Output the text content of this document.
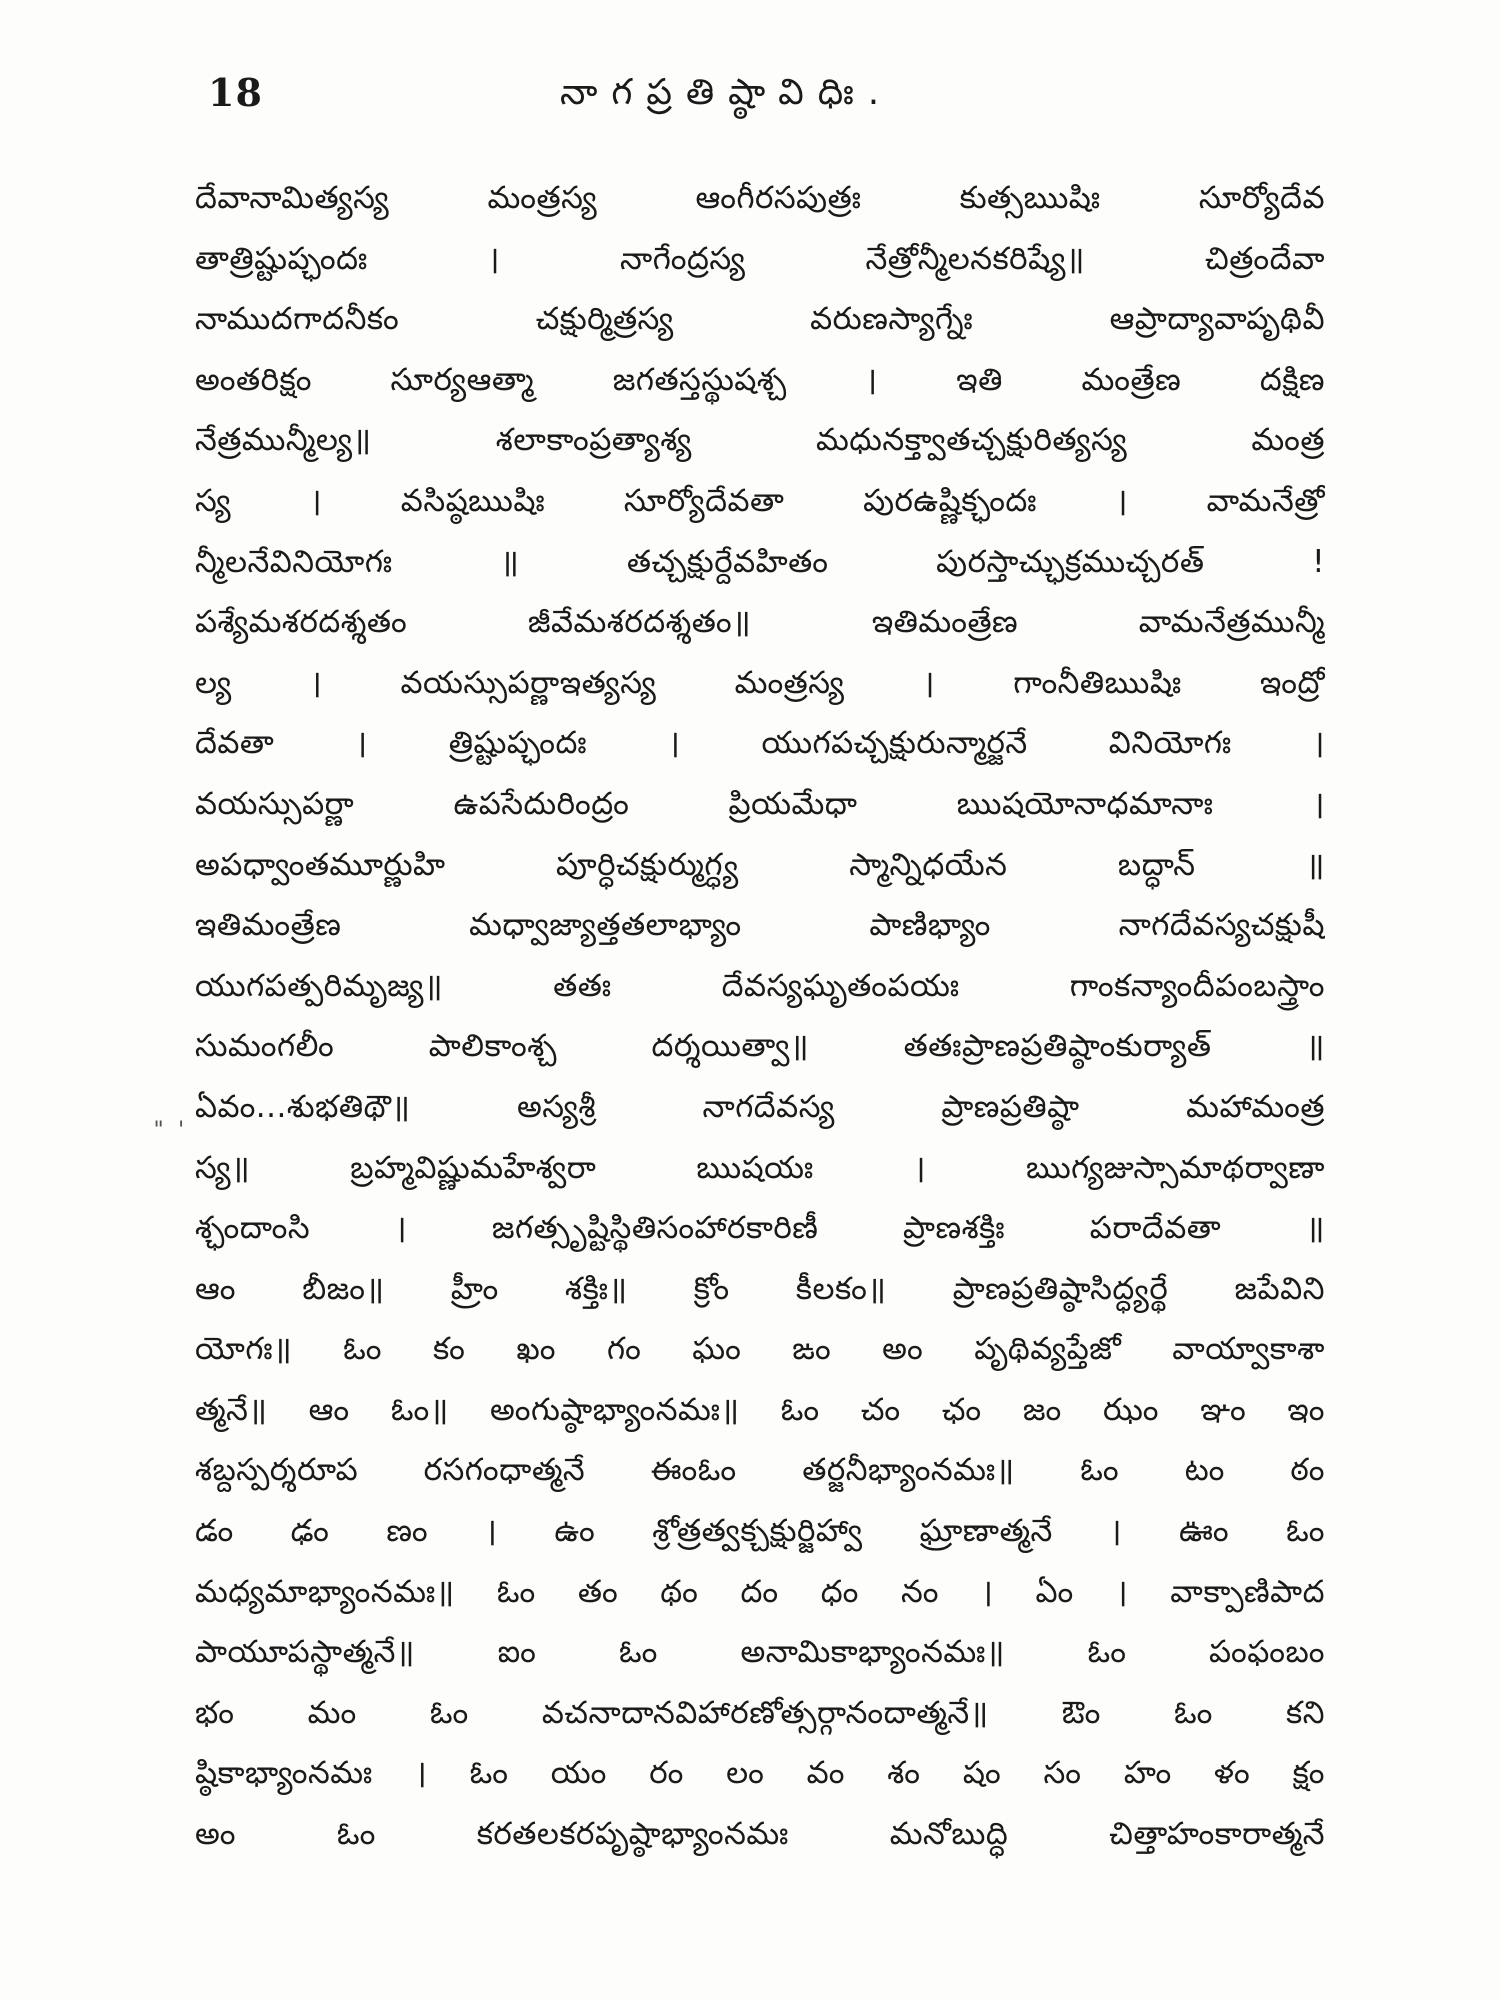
18	నాగప్రతిష్ఠావిధిః.
" '
దేవానామిత్యస్య మంత్రస్య ఆంగీరసపుత్రః కుత్సఋషిః సూర్యోదేవ
తాత్రిష్టుప్ఛందః । నాగేంద్రస్య నేత్రోన్మీలనకరిష్యే॥ చిత్రందేవా
నాముదగాదనీకం చక్షుర్మిత్రస్య వరుణస్యాగ్నేః ఆప్రాద్యావాపృథివీ
అంతరిక్షం సూర్యఆత్మా జగతస్తస్థుషశ్చ । ఇతి మంత్రేణ దక్షిణ
నేత్రమున్మీల్య॥ శలాకాంప్రత్యాశ్య మధునక్త్వాతచ్చక్షురిత్యస్య మంత్ర
స్య । వసిష్ఠఋషిః సూర్యోదేవతా పురఉష్ణిక్ఛందః । వామనేత్రో
న్మీలనేవినియోగః ॥ తచ్చక్షుర్దేవహితం పురస్తాచ్ఛుక్రముచ్చరత్ !
పశ్యేమశరదశ్శతం జీవేమశరదశ్శతం॥ ఇతిమంత్రేణ వామనేత్రమున్మీ
ల్య । వయస్సుపర్ణాఇత్యస్య మంత్రస్య । గాంనీతిఋషిః ఇంద్రో
దేవతా । త్రిష్టుప్ఛందః । యుగపచ్చక్షురున్మార్జనే వినియోగః ।
వయస్సుపర్ణా ఉపసేదురింద్రం ప్రియమేధా ఋషయోనాధమానాః ।
అపధ్వాంతమూర్ణుహి పూర్ధిచక్షుర్ముగ్ధ్య స్మాన్నిధయేన బద్ధాన్ ॥
ఇతిమంత్రేణ మధ్వాజ్యాత్తతలాభ్యాం పాణిభ్యాం నాగదేవస్యచక్షుషీ
యుగపత్పరిమృజ్య॥ తతః దేవస్యఘృతంపయః గాంకన్యాందీపంబస్త్రాం
సుమంగలీం పాలికాంశ్చ దర్శయిత్వా॥ తతఃప్రాణప్రతిష్ఠాంకుర్యాత్ ॥
ఏవం...శుభతిథౌ॥ అస్యశ్రీ నాగదేవస్య ప్రాణప్రతిష్ఠా మహామంత్ర
స్య॥ బ్రహ్మవిష్ణుమహేశ్వరా ఋషయః । ఋగ్యజుస్సామాథర్వాణా
శ్ఛందాంసి । జగత్సృష్టిస్థితిసంహారకారిణీ ప్రాణశక్తిః పరాదేవతా ॥
ఆం బీజం॥ హ్రీం శక్తిః॥ క్రోం కీలకం॥ ప్రాణప్రతిష్ఠాసిద్ధ్యర్థే జపేవిని
యోగః॥ ఓం కం ఖం గం ఘం ఙం అం పృథివ్యప్తేజో వాయ్వాకాశా
త్మనే॥ ఆం ఓం॥ అంగుష్ఠాభ్యాంనమః॥ ఓం చం ఛం జం ఝం ఞం ఇం
శబ్దస్పర్శరూప రసగంధాత్మనే ఈంఓం తర్జనీభ్యాంనమః॥ ఓం టం ఠం
డం ఢం ణం । ఉం శ్రోత్రత్వక్చక్షుర్జిహ్వా ఘ్రాణాత్మనే । ఊం ఓం
మధ్యమాభ్యాంనమః॥ ఓం తం థం దం ధం నం । ఏం । వాక్పాణిపాద
పాయూపస్థాత్మనే॥ ఐం ఓం అనామికాభ్యాంనమః॥ ఓం పంఫంబం
భం మం ఓం వచనాదానవిహారణోత్సర్గానందాత్మనే॥ ఔం ఓం కని
ష్ఠికాభ్యాంనమః । ఓం యం రం లం వం శం షం సం హం ళం క్షం
అం ఓం కరతలకరపృష్ఠాభ్యాంనమః మనోబుద్ధి చిత్తాహంకారాత్మనే
